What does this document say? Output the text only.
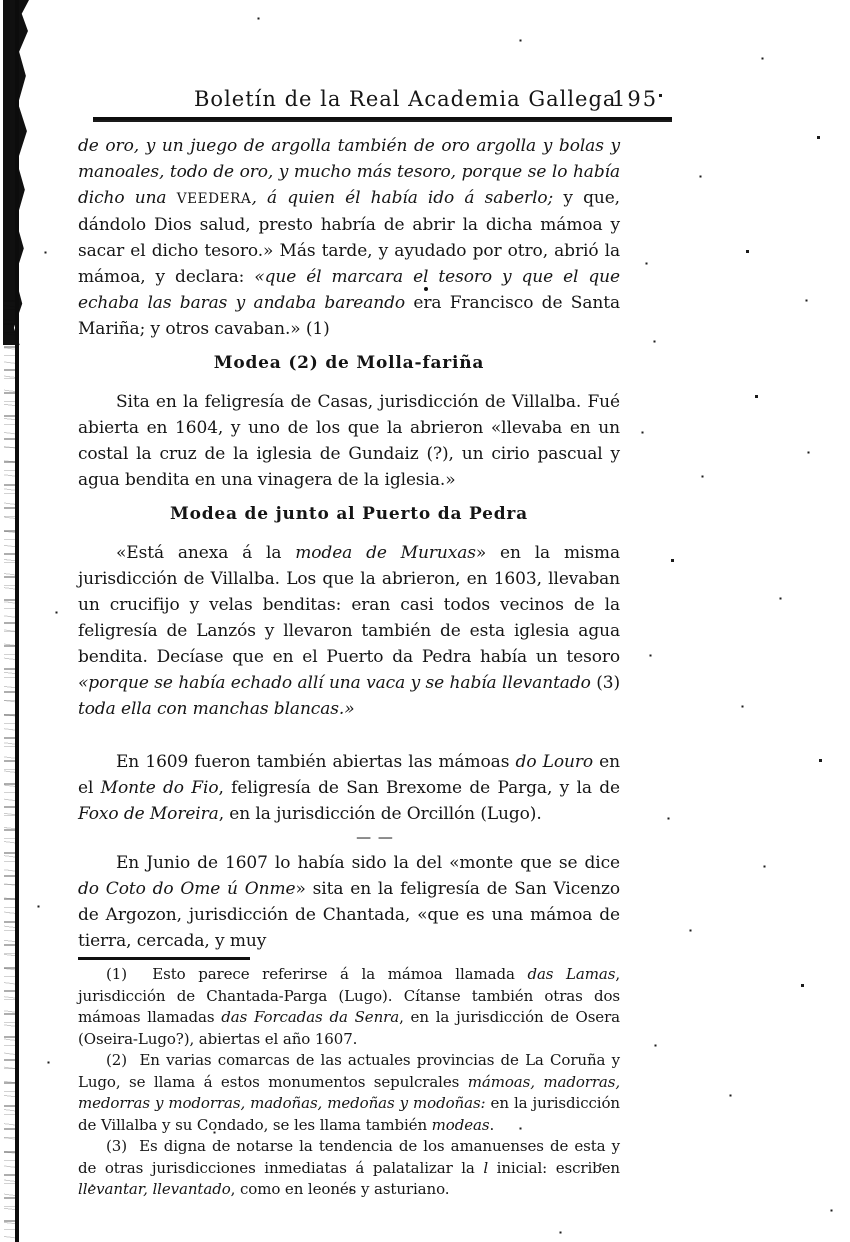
Boletín de la Real Academia Gallega
195

de oro, y un juego de argolla también de oro argolla y bolas y manoales, todo de oro, y mucho más tesoro, porque se lo había dicho una VEEDERA, á quien él había ido á saberlo; y que, dándolo Dios salud, presto habría de abrir la dicha mámoa y sacar el dicho tesoro.» Más tarde, y ayudado por otro, abrió la mámoa, y declara: «que él marcara el tesoro y que el que echaba las baras y andaba bareando era Francisco de Santa Mariña; y otros cavaban.» (1)

Modea (2) de Molla-fariña

Sita en la feligresía de Casas, jurisdicción de Villalba. Fué abierta en 1604, y uno de los que la abrieron «llevaba en un costal la cruz de la iglesia de Gundaiz (?), un cirio pascual y agua bendita en una vinagera de la iglesia.»

Modea de junto al Puerto da Pedra

«Está anexa á la modea de Muruxas» en la misma jurisdicción de Villalba. Los que la abrieron, en 1603, llevaban un crucifijo y velas benditas: eran casi todos vecinos de la feligresía de Lanzós y llevaron también de esta iglesia agua bendita. Decíase que en el Puerto da Pedra había un tesoro «porque se había echado allí una vaca y se había llevantado (3) toda ella con manchas blancas.»

En 1609 fueron también abiertas las mámoas do Louro en el Monte do Fio, feligresía de San Brexome de Parga, y la de Foxo de Moreira, en la jurisdicción de Orcillón (Lugo).

— —

En Junio de 1607 lo había sido la del «monte que se dice do Coto do Ome ú Onme» sita en la feligresía de San Vicenzo de Argozon, jurisdicción de Chantada, «que es una mámoa de tierra, cercada, y muy

(1)  Esto parece referirse á la mámoa llamada das Lamas, jurisdicción de Chantada-Parga (Lugo). Cítanse también otras dos mámoas llamadas das Forcadas da Senra, en la jurisdicción de Osera (Oseira-Lugo?), abiertas el año 1607.

(2)  En varias comarcas de las actuales provincias de La Coruña y Lugo, se llama á estos monumentos sepulcrales mámoas, madorras, medorras y modorras, madoñas, medoñas y modoñas: en la jurisdicción de Villalba y su Condado, se les llama también modeas.

(3)  Es digna de notarse la tendencia de los amanuenses de esta y de otras jurisdicciones inmediatas á palatalizar la l inicial: escriben llevantar, llevantado, como en leonés y asturiano.
